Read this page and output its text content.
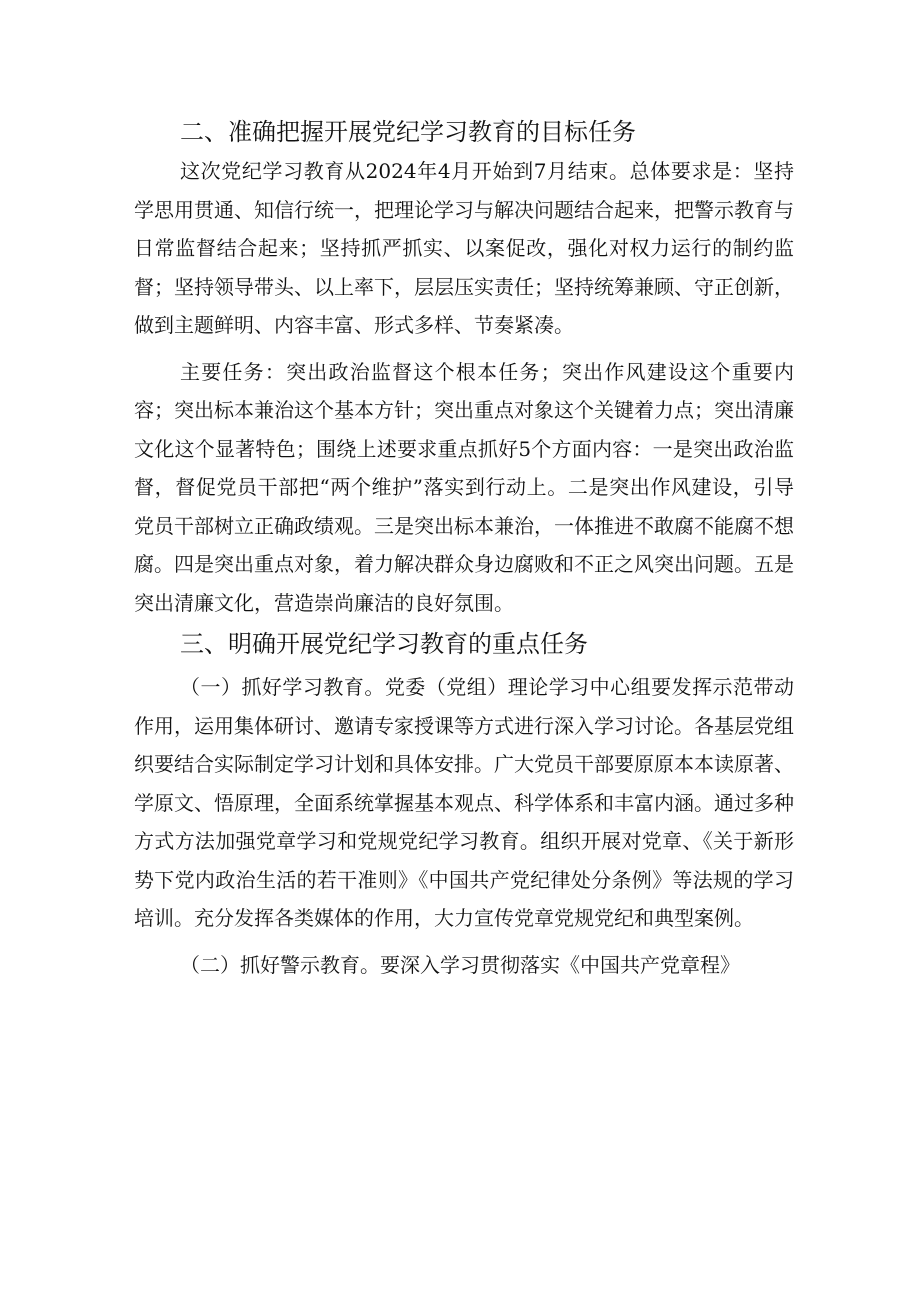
二、准确把握开展党纪学习教育的目标任务

这次党纪学习教育从2024年4月开始到7月结束。总体要求是：坚持学思用贯通、知信行统一，把理论学习与解决问题结合起来，把警示教育与日常监督结合起来；坚持抓严抓实、以案促改，强化对权力运行的制约监督；坚持领导带头、以上率下，层层压实责任；坚持统筹兼顾、守正创新，做到主题鲜明、内容丰富、形式多样、节奏紧凑。

主要任务：突出政治监督这个根本任务；突出作风建设这个重要内容；突出标本兼治这个基本方针；突出重点对象这个关键着力点；突出清廉文化这个显著特色；围绕上述要求重点抓好5个方面内容：一是突出政治监督，督促党员干部把“两个维护”落实到行动上。二是突出作风建设，引导党员干部树立正确政绩观。三是突出标本兼治，一体推进不敢腐不能腐不想腐。四是突出重点对象，着力解决群众身边腐败和不正之风突出问题。五是突出清廉文化，营造崇尚廉洁的良好氛围。

三、明确开展党纪学习教育的重点任务

（一）抓好学习教育。党委（党组）理论学习中心组要发挥示范带动作用，运用集体研讨、邀请专家授课等方式进行深入学习讨论。各基层党组织要结合实际制定学习计划和具体安排。广大党员干部要原原本本读原著、学原文、悟原理，全面系统掌握基本观点、科学体系和丰富内涵。通过多种方式方法加强党章学习和党规党纪学习教育。组织开展对党章、《关于新形势下党内政治生活的若干准则》《中国共产党纪律处分条例》等法规的学习培训。充分发挥各类媒体的作用，大力宣传党章党规党纪和典型案例。

（二）抓好警示教育。要深入学习贯彻落实《中国共产党章程》
